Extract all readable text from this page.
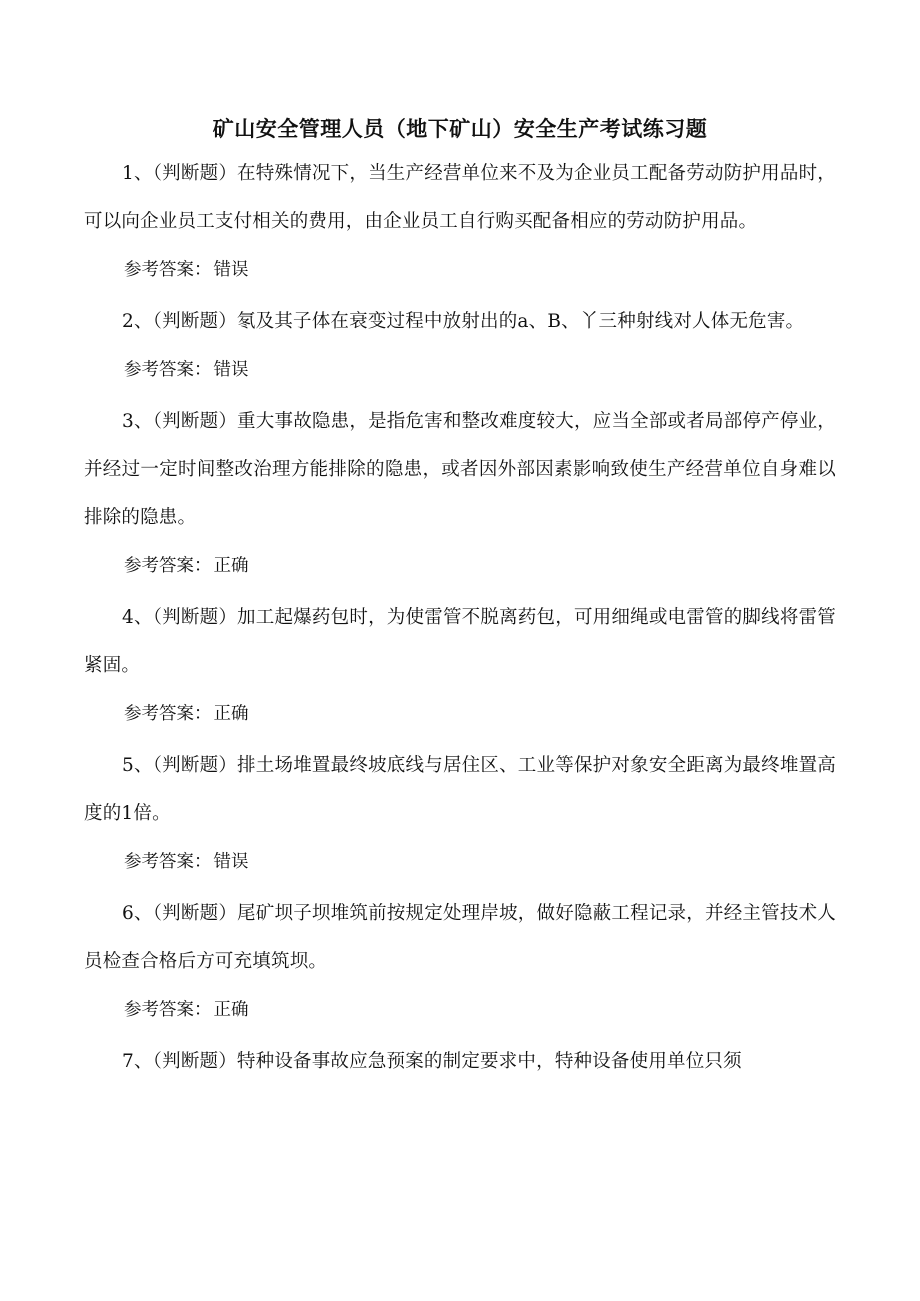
矿山安全管理人员（地下矿山）安全生产考试练习题

1、（判断题）在特殊情况下，当生产经营单位来不及为企业员工配备劳动防护用品时，可以向企业员工支付相关的费用，由企业员工自行购买配备相应的劳动防护用品。

参考答案： 错误

2、（判断题）氡及其子体在衰变过程中放射出的a、B、丫三种射线对人体无危害。

参考答案： 错误

3、（判断题）重大事故隐患，是指危害和整改难度较大，应当全部或者局部停产停业，并经过一定时间整改治理方能排除的隐患，或者因外部因素影响致使生产经营单位自身难以排除的隐患。

参考答案： 正确

4、（判断题）加工起爆药包时，为使雷管不脱离药包，可用细绳或电雷管的脚线将雷管紧固。

参考答案： 正确

5、（判断题）排土场堆置最终坡底线与居住区、工业等保护对象安全距离为最终堆置高度的1倍。

参考答案： 错误

6、（判断题）尾矿坝子坝堆筑前按规定处理岸坡，做好隐蔽工程记录，并经主管技术人员检查合格后方可充填筑坝。

参考答案： 正确

7、（判断题）特种设备事故应急预案的制定要求中，特种设备使用单位只须
